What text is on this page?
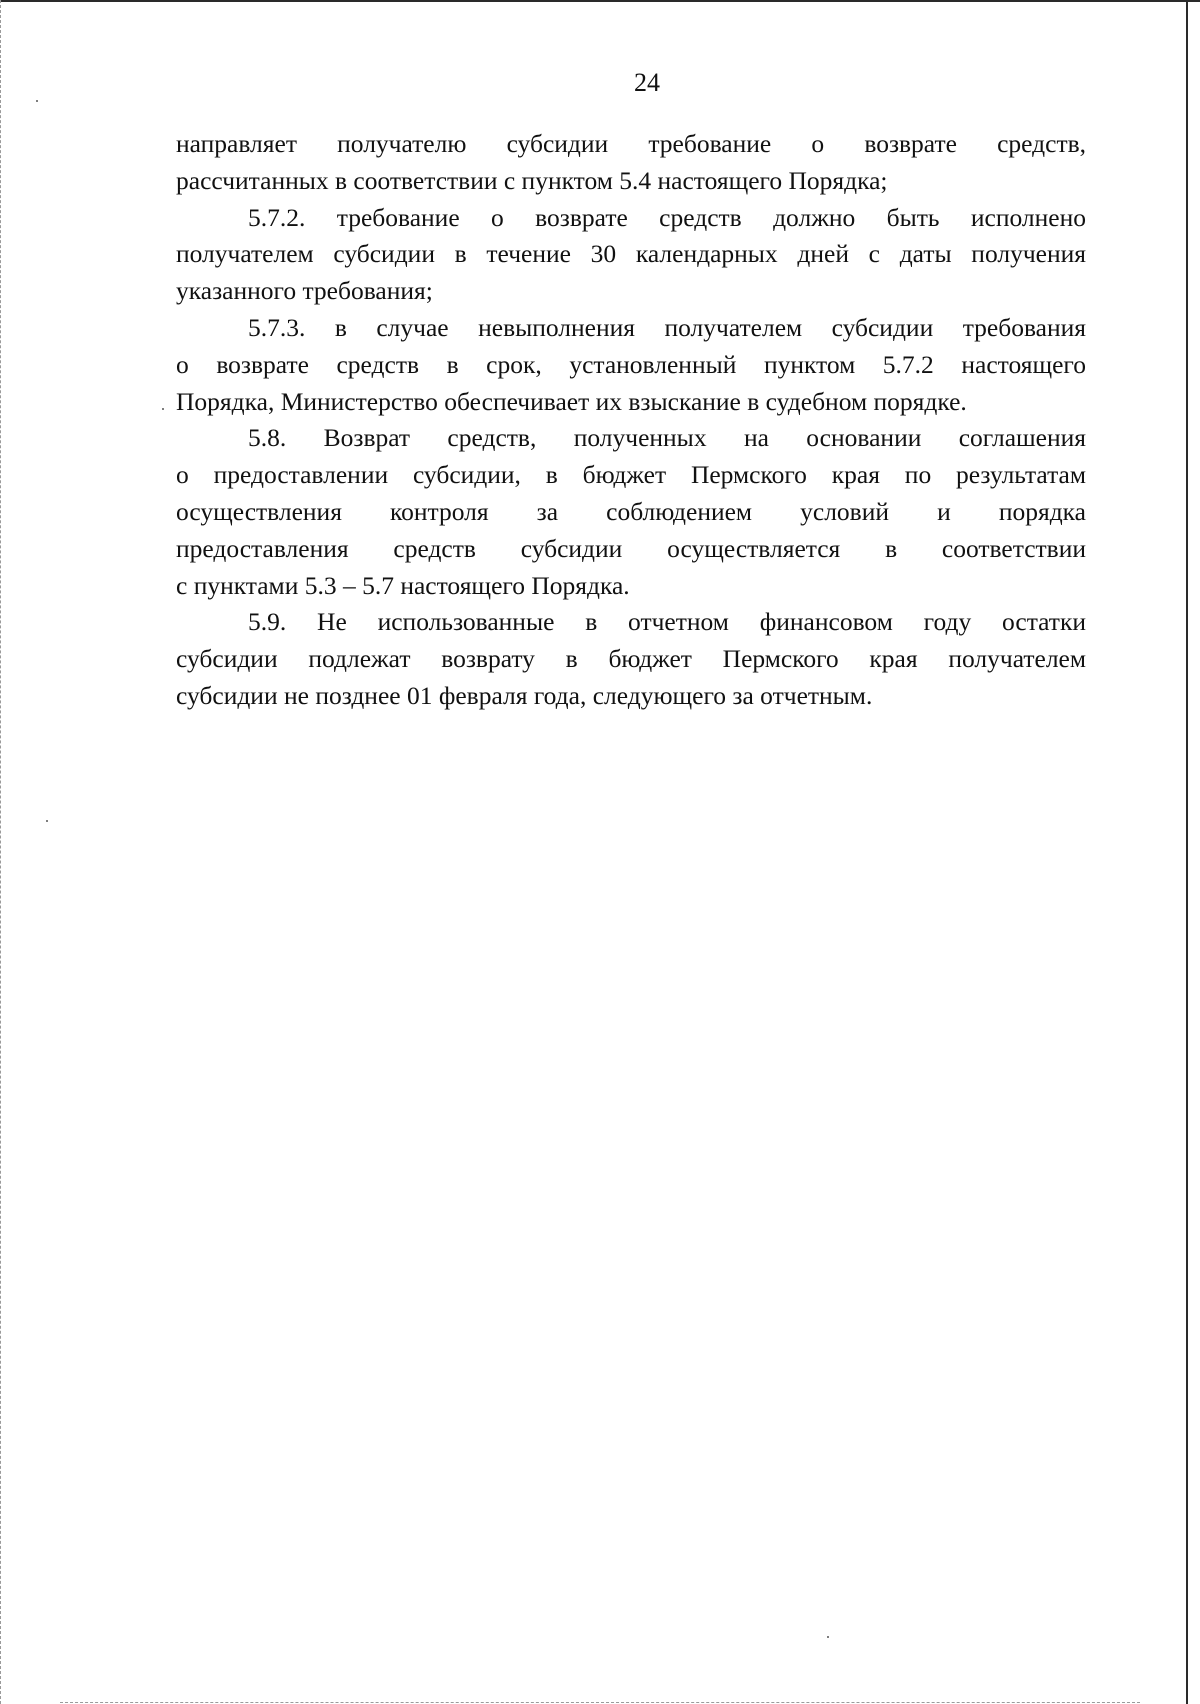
24

направляет получателю субсидии требование о возврате средств,
рассчитанных в соответствии с пунктом 5.4 настоящего Порядка;

5.7.2. требование о возврате средств должно быть исполнено
получателем субсидии в течение 30 календарных дней с даты получения
указанного требования;

5.7.3. в случае невыполнения получателем субсидии требования
о возврате средств в срок, установленный пунктом 5.7.2 настоящего
Порядка, Министерство обеспечивает их взыскание в судебном порядке.

5.8. Возврат средств, полученных на основании соглашения
о предоставлении субсидии, в бюджет Пермского края по результатам
осуществления контроля за соблюдением условий и порядка
предоставления средств субсидии осуществляется в соответствии
с пунктами 5.3 – 5.7 настоящего Порядка.

5.9. Не использованные в отчетном финансовом году остатки
субсидии подлежат возврату в бюджет Пермского края получателем
субсидии не позднее 01 февраля года, следующего за отчетным.
